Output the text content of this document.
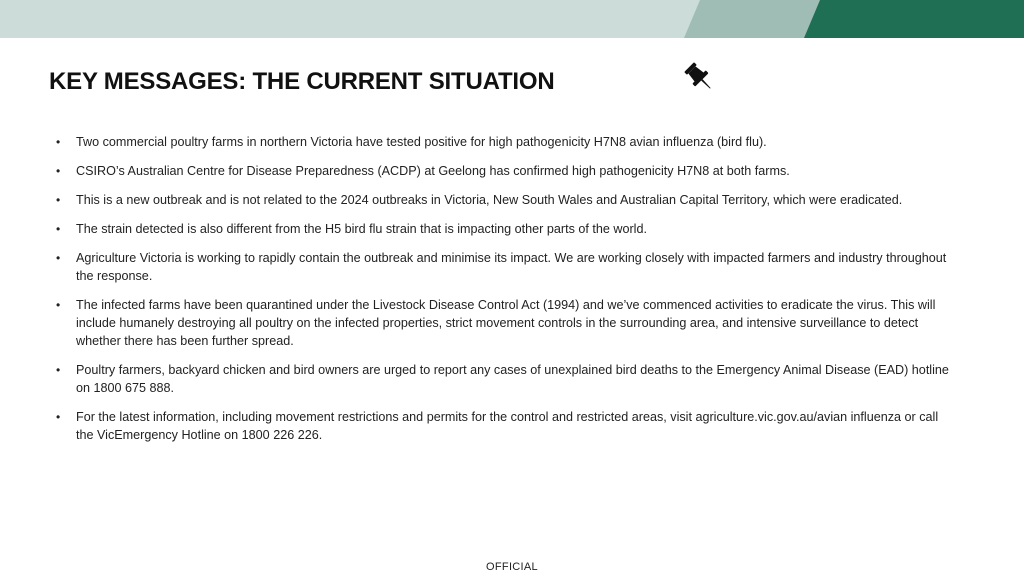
KEY MESSAGES: THE CURRENT SITUATION
• Two commercial poultry farms in northern Victoria have tested positive for high pathogenicity H7N8 avian influenza (bird flu).
• CSIRO’s Australian Centre for Disease Preparedness (ACDP) at Geelong has confirmed high pathogenicity H7N8 at both farms.
• This is a new outbreak and is not related to the 2024 outbreaks in Victoria, New South Wales and Australian Capital Territory, which were eradicated.
• The strain detected is also different from the H5 bird flu strain that is impacting other parts of the world.
• Agriculture Victoria is working to rapidly contain the outbreak and minimise its impact. We are working closely with impacted farmers and industry throughout the response.
• The infected farms have been quarantined under the Livestock Disease Control Act (1994) and we’ve commenced activities to eradicate the virus. This will include humanely destroying all poultry on the infected properties, strict movement controls in the surrounding area, and intensive surveillance to detect whether there has been further spread.
• Poultry farmers, backyard chicken and bird owners are urged to report any cases of unexplained bird deaths to the Emergency Animal Disease (EAD) hotline on 1800 675 888.
• For the latest information, including movement restrictions and permits for the control and restricted areas, visit agriculture.vic.gov.au/avian influenza or call the VicEmergency Hotline on 1800 226 226.
OFFICIAL
